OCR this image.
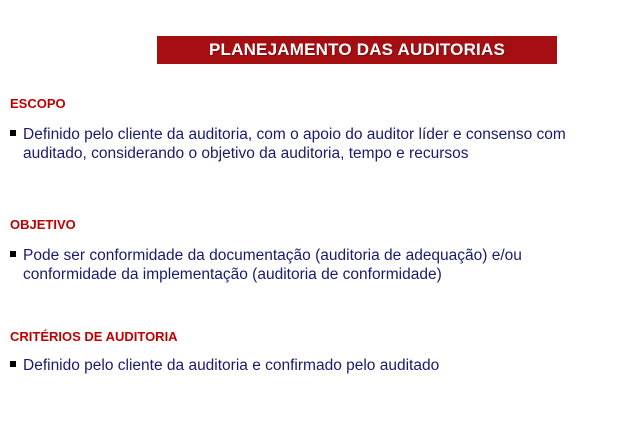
PLANEJAMENTO DAS AUDITORIAS
ESCOPO
Definido pelo cliente da auditoria, com o apoio do auditor líder e consenso com auditado, considerando o objetivo da auditoria, tempo e recursos
OBJETIVO
Pode ser conformidade da documentação (auditoria de adequação) e/ou conformidade da implementação (auditoria de conformidade)
CRITÉRIOS DE AUDITORIA
Definido pelo cliente da auditoria e confirmado pelo auditado
